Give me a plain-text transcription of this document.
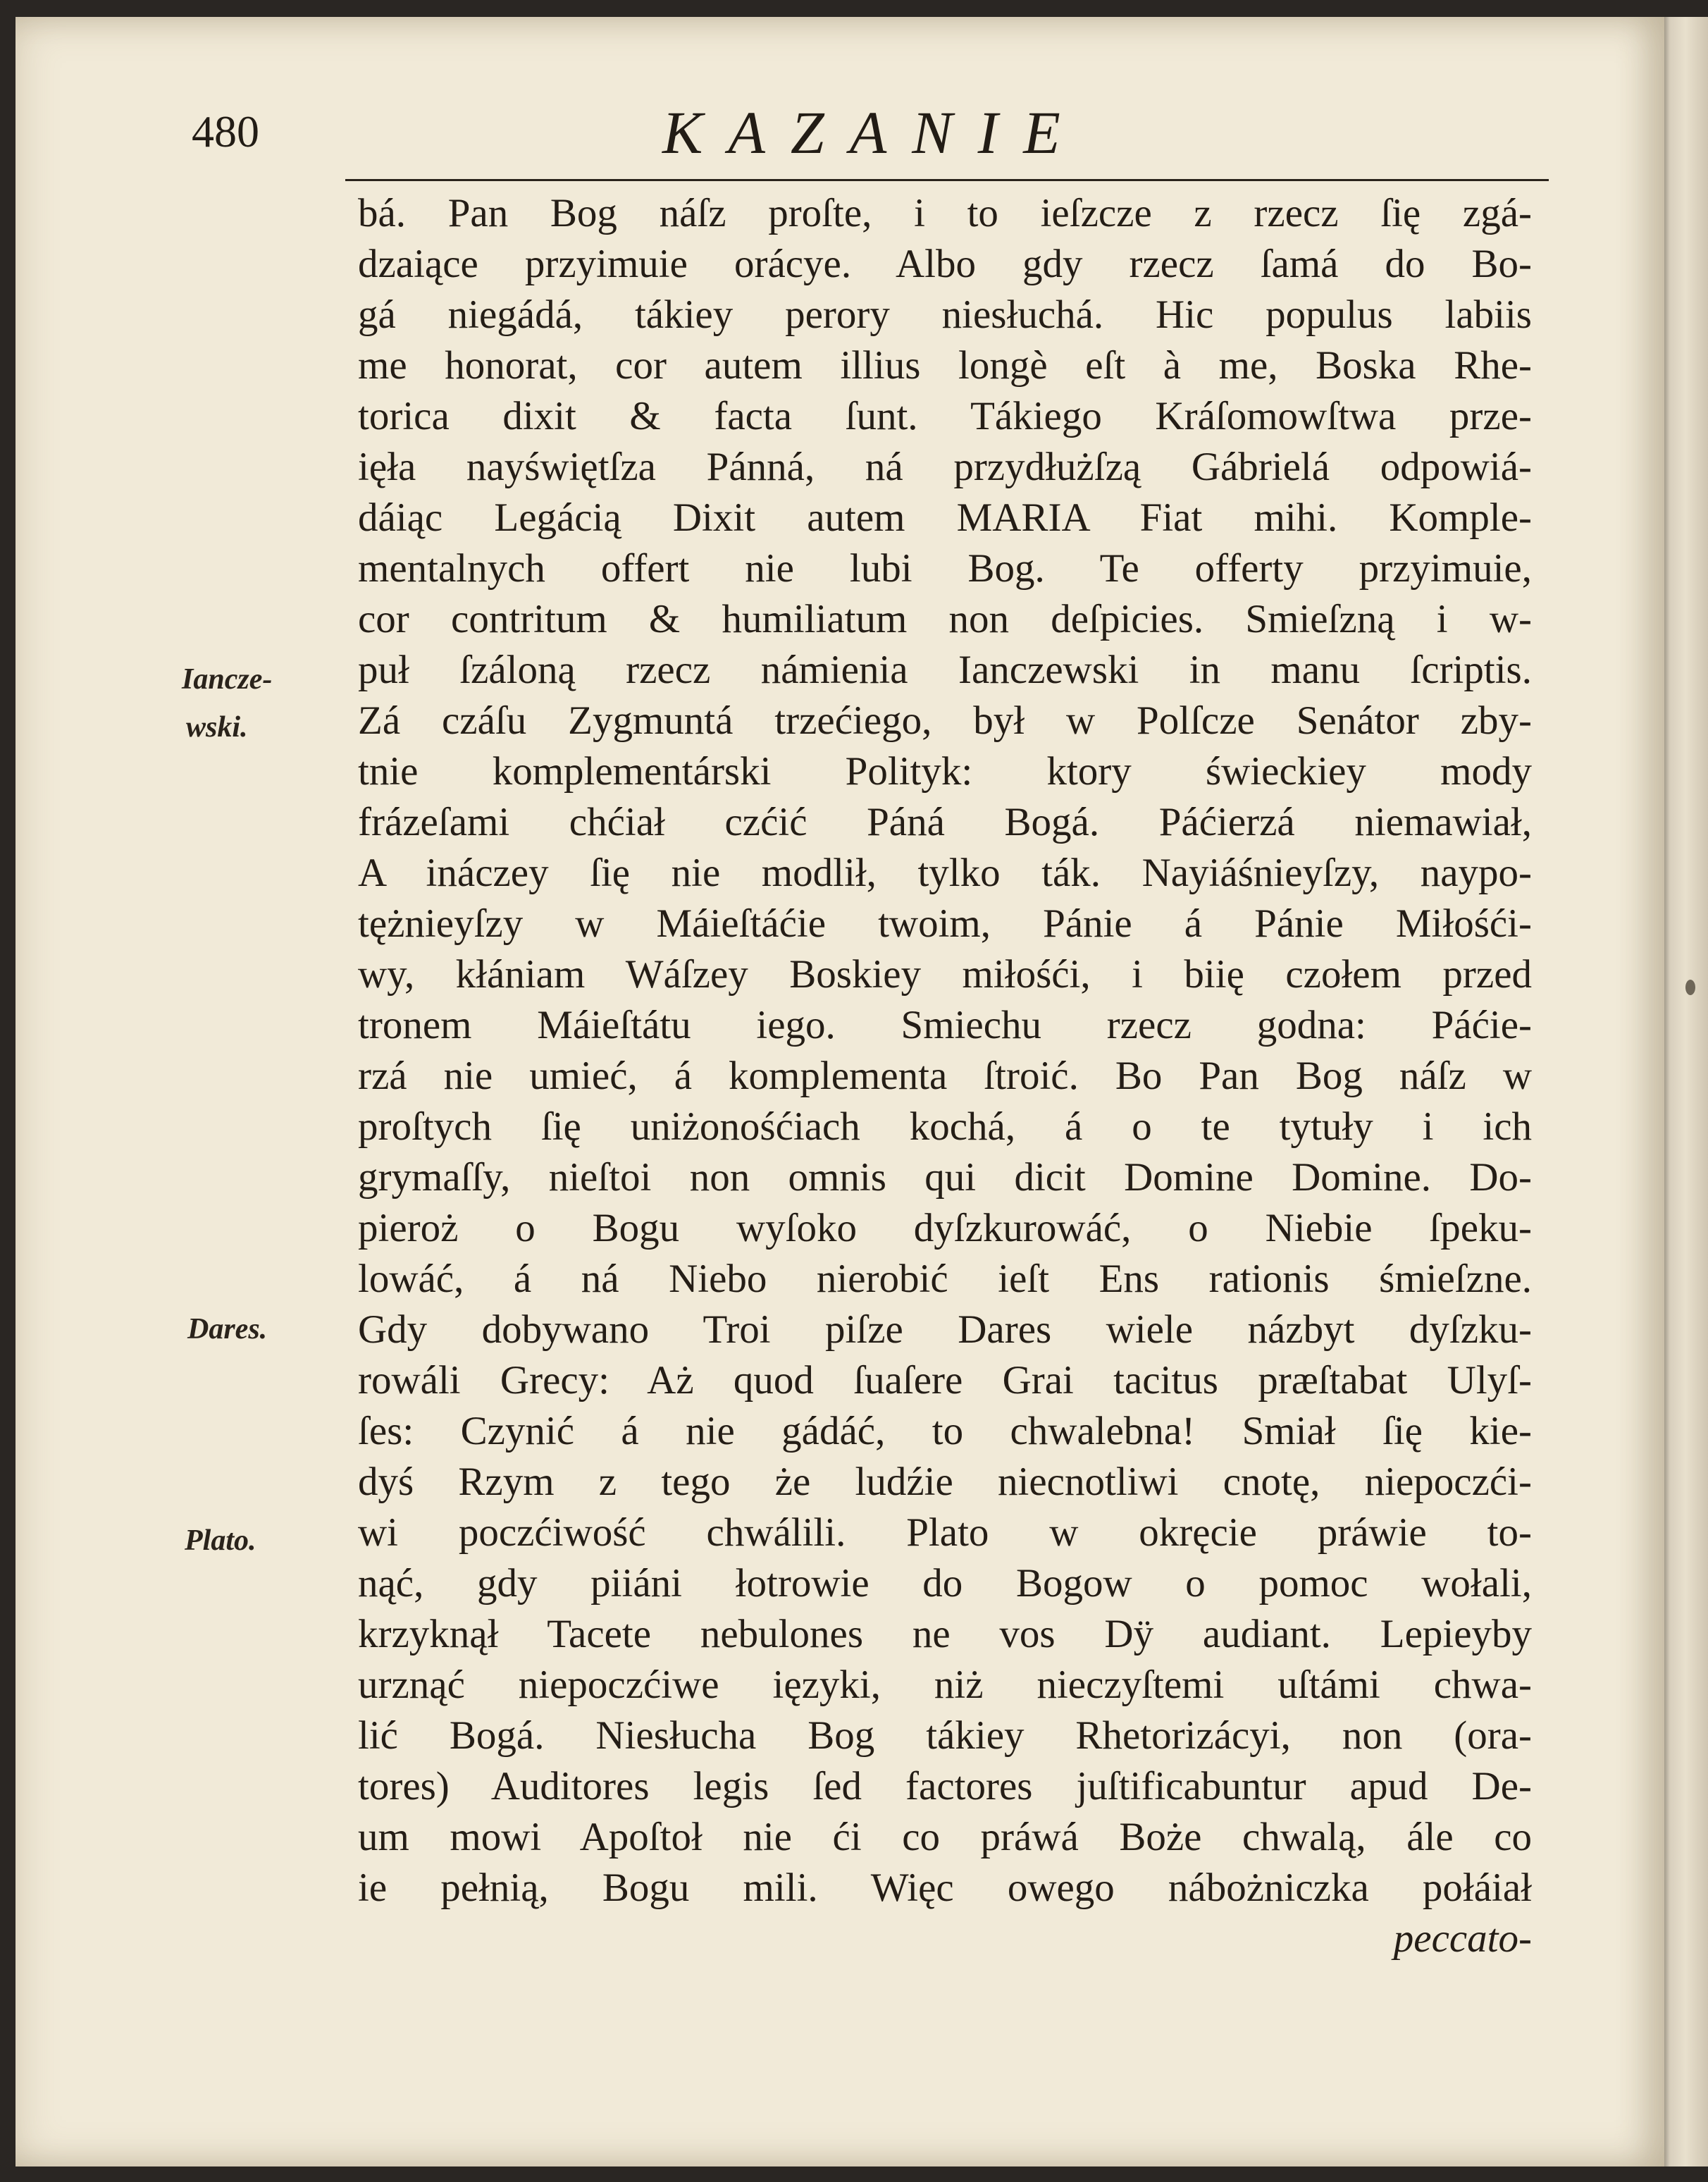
480	KAZANIE
Iancze-
wski.
Dares.
Plato.
bá. Pan Bog náſz proſte, i to ieſzcze z rzecz ſię zgá-
dzaiące przyimuie orácye. Albo gdy rzecz ſamá do Bo-
gá niegádá, tákiey perory niesłuchá. Hic populus labiis
me honorat, cor autem illius longè eſt à me, Boska Rhe-
torica dixit & facta ſunt. Tákiego Kráſomowſtwa prze-
ięła nayświętſza Pánná, ná przydłużſzą Gábrielá odpowiá-
dáiąc Legácią Dixit autem MARIA Fiat mihi. Komple-
mentalnych offert nie lubi Bog. Te offerty przyimuie,
cor contritum & humiliatum non deſpicies. Smieſzną i w-
puł ſzáloną rzecz námienia Ianczewski in manu ſcriptis.
Zá czáſu Zygmuntá trzećiego, był w Polſcze Senátor zby-
tnie komplementárski Polityk: ktory świeckiey mody
frázeſami chćiał czćić Páná Bogá. Páćierzá niemawiał,
A ináczey ſię nie modlił, tylko ták. Nayiáśnieyſzy, naypo-
tężnieyſzy w Máieſtáćie twoim, Pánie á Pánie Miłośći-
wy, kłániam Wáſzey Boskiey miłośći, i biię czołem przed
tronem Máieſtátu iego. Smiechu rzecz godna: Páćie-
rzá nie umieć, á komplementa ſtroić. Bo Pan Bog náſz w
proſtych ſię uniżonośćiach kochá, á o te tytuły i ich
grymaſſy, nieſtoi non omnis qui dicit Domine Domine. Do-
pieroż o Bogu wyſoko dyſzkurowáć, o Niebie ſpeku-
lowáć, á ná Niebo nierobić ieſt Ens rationis śmieſzne.
Gdy dobywano Troi piſze Dares wiele názbyt dyſzku-
rowáli Grecy: Aż quod ſuaſere Grai tacitus præſtabat Ulyſ-
ſes: Czynić á nie gádáć, to chwalebna! Smiał ſię kie-
dyś Rzym z tego że ludźie niecnotliwi cnotę, niepoczći-
wi poczćiwość chwálili. Plato w okręcie práwie to-
nąć, gdy piiáni łotrowie do Bogow o pomoc wołali,
krzyknął Tacete nebulones ne vos Dÿ audiant. Lepieyby
urznąć niepoczćiwe ięzyki, niż nieczyſtemi uſtámi chwa-
lić Bogá. Niesłucha Bog tákiey Rhetorizácyi, non (ora-
tores) Auditores legis ſed factores juſtificabuntur apud De-
um mowi Apoſtoł nie ći co práwá Boże chwalą, ále co
ie pełnią, Bogu mili. Więc owego nábożniczka połáiał
peccato-
